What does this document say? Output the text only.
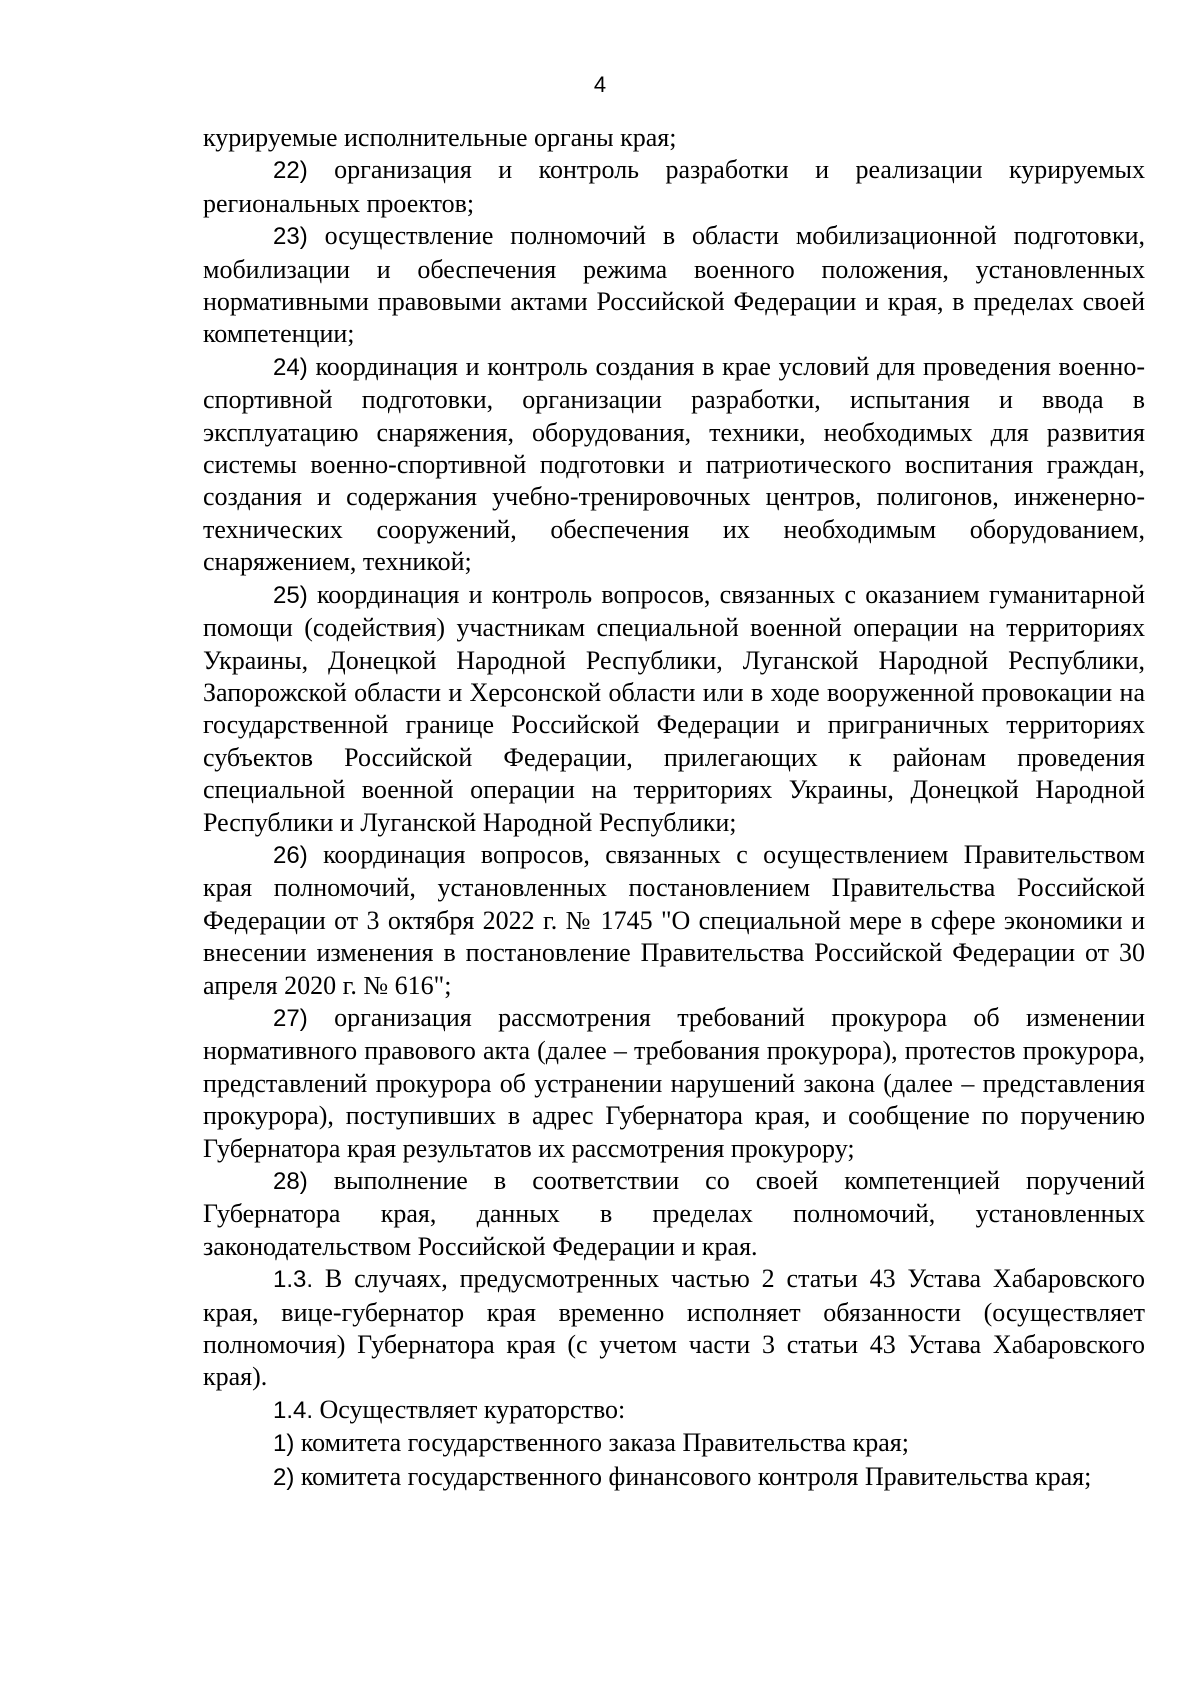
4

курируемые исполнительные органы края;

22) организация и контроль разработки и реализации курируемых региональных проектов;

23) осуществление полномочий в области мобилизационной подготовки, мобилизации и обеспечения режима военного положения, установленных нормативными правовыми актами Российской Федерации и края, в пределах своей компетенции;

24) координация и контроль создания в крае условий для проведения военно-спортивной подготовки, организации разработки, испытания и ввода в эксплуатацию снаряжения, оборудования, техники, необходимых для развития системы военно-спортивной подготовки и патриотического воспитания граждан, создания и содержания учебно-тренировочных центров, полигонов, инженерно-технических сооружений, обеспечения их необходимым оборудованием, снаряжением, техникой;

25) координация и контроль вопросов, связанных с оказанием гуманитарной помощи (содействия) участникам специальной военной операции на территориях Украины, Донецкой Народной Республики, Луганской Народной Республики, Запорожской области и Херсонской области или в ходе вооруженной провокации на государственной границе Российской Федерации и приграничных территориях субъектов Российской Федерации, прилегающих к районам проведения специальной военной операции на территориях Украины, Донецкой Народной Республики и Луганской Народной Республики;

26) координация вопросов, связанных с осуществлением Правительством края полномочий, установленных постановлением Правительства Российской Федерации от 3 октября 2022 г. № 1745 "О специальной мере в сфере экономики и внесении изменения в постановление Правительства Российской Федерации от 30 апреля 2020 г. № 616";

27) организация рассмотрения требований прокурора об изменении нормативного правового акта (далее – требования прокурора), протестов прокурора, представлений прокурора об устранении нарушений закона (далее – представления прокурора), поступивших в адрес Губернатора края, и сообщение по поручению Губернатора края результатов их рассмотрения прокурору;

28) выполнение в соответствии со своей компетенцией поручений Губернатора края, данных в пределах полномочий, установленных законодательством Российской Федерации и края.

1.3. В случаях, предусмотренных частью 2 статьи 43 Устава Хабаровского края, вице-губернатор края временно исполняет обязанности (осуществляет полномочия) Губернатора края (с учетом части 3 статьи 43 Устава Хабаровского края).

1.4. Осуществляет кураторство:

1) комитета государственного заказа Правительства края;

2) комитета государственного финансового контроля Правительства края;
